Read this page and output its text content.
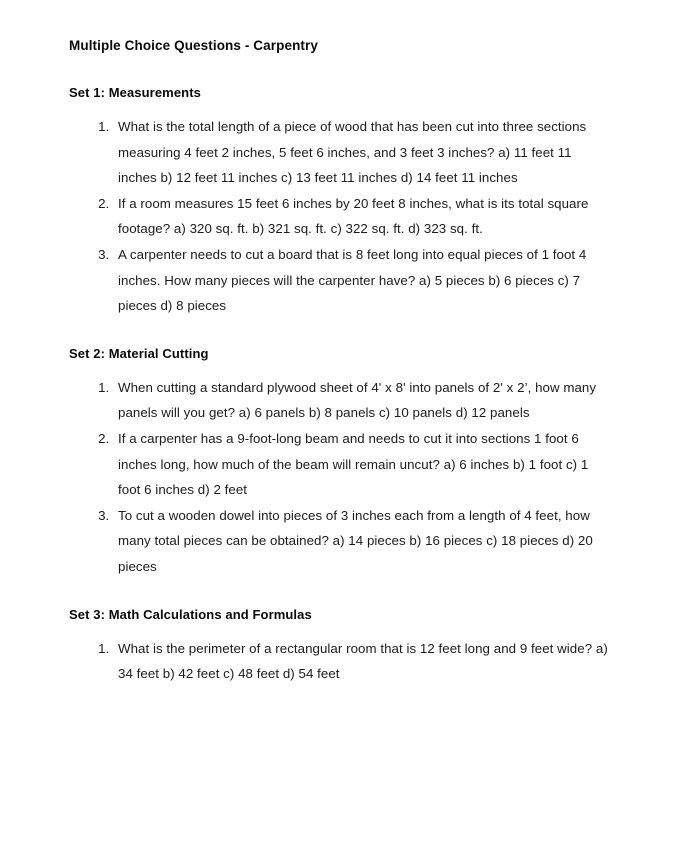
Multiple Choice Questions - Carpentry
Set 1: Measurements
1. What is the total length of a piece of wood that has been cut into three sections measuring 4 feet 2 inches, 5 feet 6 inches, and 3 feet 3 inches? a) 11 feet 11 inches b) 12 feet 11 inches c) 13 feet 11 inches d) 14 feet 11 inches
2. If a room measures 15 feet 6 inches by 20 feet 8 inches, what is its total square footage? a) 320 sq. ft. b) 321 sq. ft. c) 322 sq. ft. d) 323 sq. ft.
3. A carpenter needs to cut a board that is 8 feet long into equal pieces of 1 foot 4 inches. How many pieces will the carpenter have? a) 5 pieces b) 6 pieces c) 7 pieces d) 8 pieces
Set 2: Material Cutting
1. When cutting a standard plywood sheet of 4' x 8' into panels of 2' x 2’, how many panels will you get? a) 6 panels b) 8 panels c) 10 panels d) 12 panels
2. If a carpenter has a 9-foot-long beam and needs to cut it into sections 1 foot 6 inches long, how much of the beam will remain uncut? a) 6 inches b) 1 foot c) 1 foot 6 inches d) 2 feet
3. To cut a wooden dowel into pieces of 3 inches each from a length of 4 feet, how many total pieces can be obtained? a) 14 pieces b) 16 pieces c) 18 pieces d) 20 pieces
Set 3: Math Calculations and Formulas
1. What is the perimeter of a rectangular room that is 12 feet long and 9 feet wide? a) 34 feet b) 42 feet c) 48 feet d) 54 feet
